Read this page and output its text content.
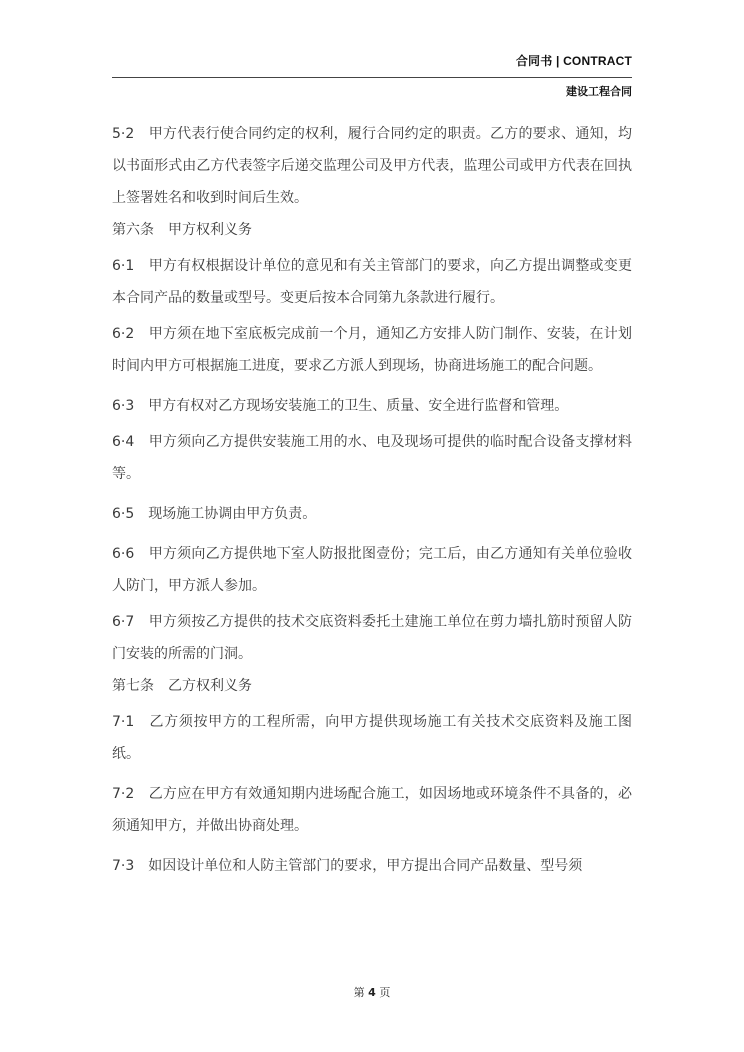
合同书 | CONTRACT
建设工程合同

5·2　甲方代表行使合同约定的权利，履行合同约定的职责。乙方的要求、通知，均以书面形式由乙方代表签字后递交监理公司及甲方代表，监理公司或甲方代表在回执上签署姓名和收到时间后生效。

第六条　甲方权利义务

6·1　甲方有权根据设计单位的意见和有关主管部门的要求，向乙方提出调整或变更本合同产品的数量或型号。变更后按本合同第九条款进行履行。

6·2　甲方须在地下室底板完成前一个月，通知乙方安排人防门制作、安装，在计划时间内甲方可根据施工进度，要求乙方派人到现场，协商进场施工的配合问题。

6·3　甲方有权对乙方现场安装施工的卫生、质量、安全进行监督和管理。

6·4　甲方须向乙方提供安装施工用的水、电及现场可提供的临时配合设备支撑材料等。

6·5　现场施工协调由甲方负责。

6·6　甲方须向乙方提供地下室人防报批图壹份；完工后，由乙方通知有关单位验收人防门，甲方派人参加。

6·7　甲方须按乙方提供的技术交底资料委托土建施工单位在剪力墙扎筋时预留人防门安装的所需的门洞。

第七条　乙方权利义务

7·1　乙方须按甲方的工程所需，向甲方提供现场施工有关技术交底资料及施工图纸。

7·2　乙方应在甲方有效通知期内进场配合施工，如因场地或环境条件不具备的，必须通知甲方，并做出协商处理。

7·3　如因设计单位和人防主管部门的要求，甲方提出合同产品数量、型号须

第 4 页
